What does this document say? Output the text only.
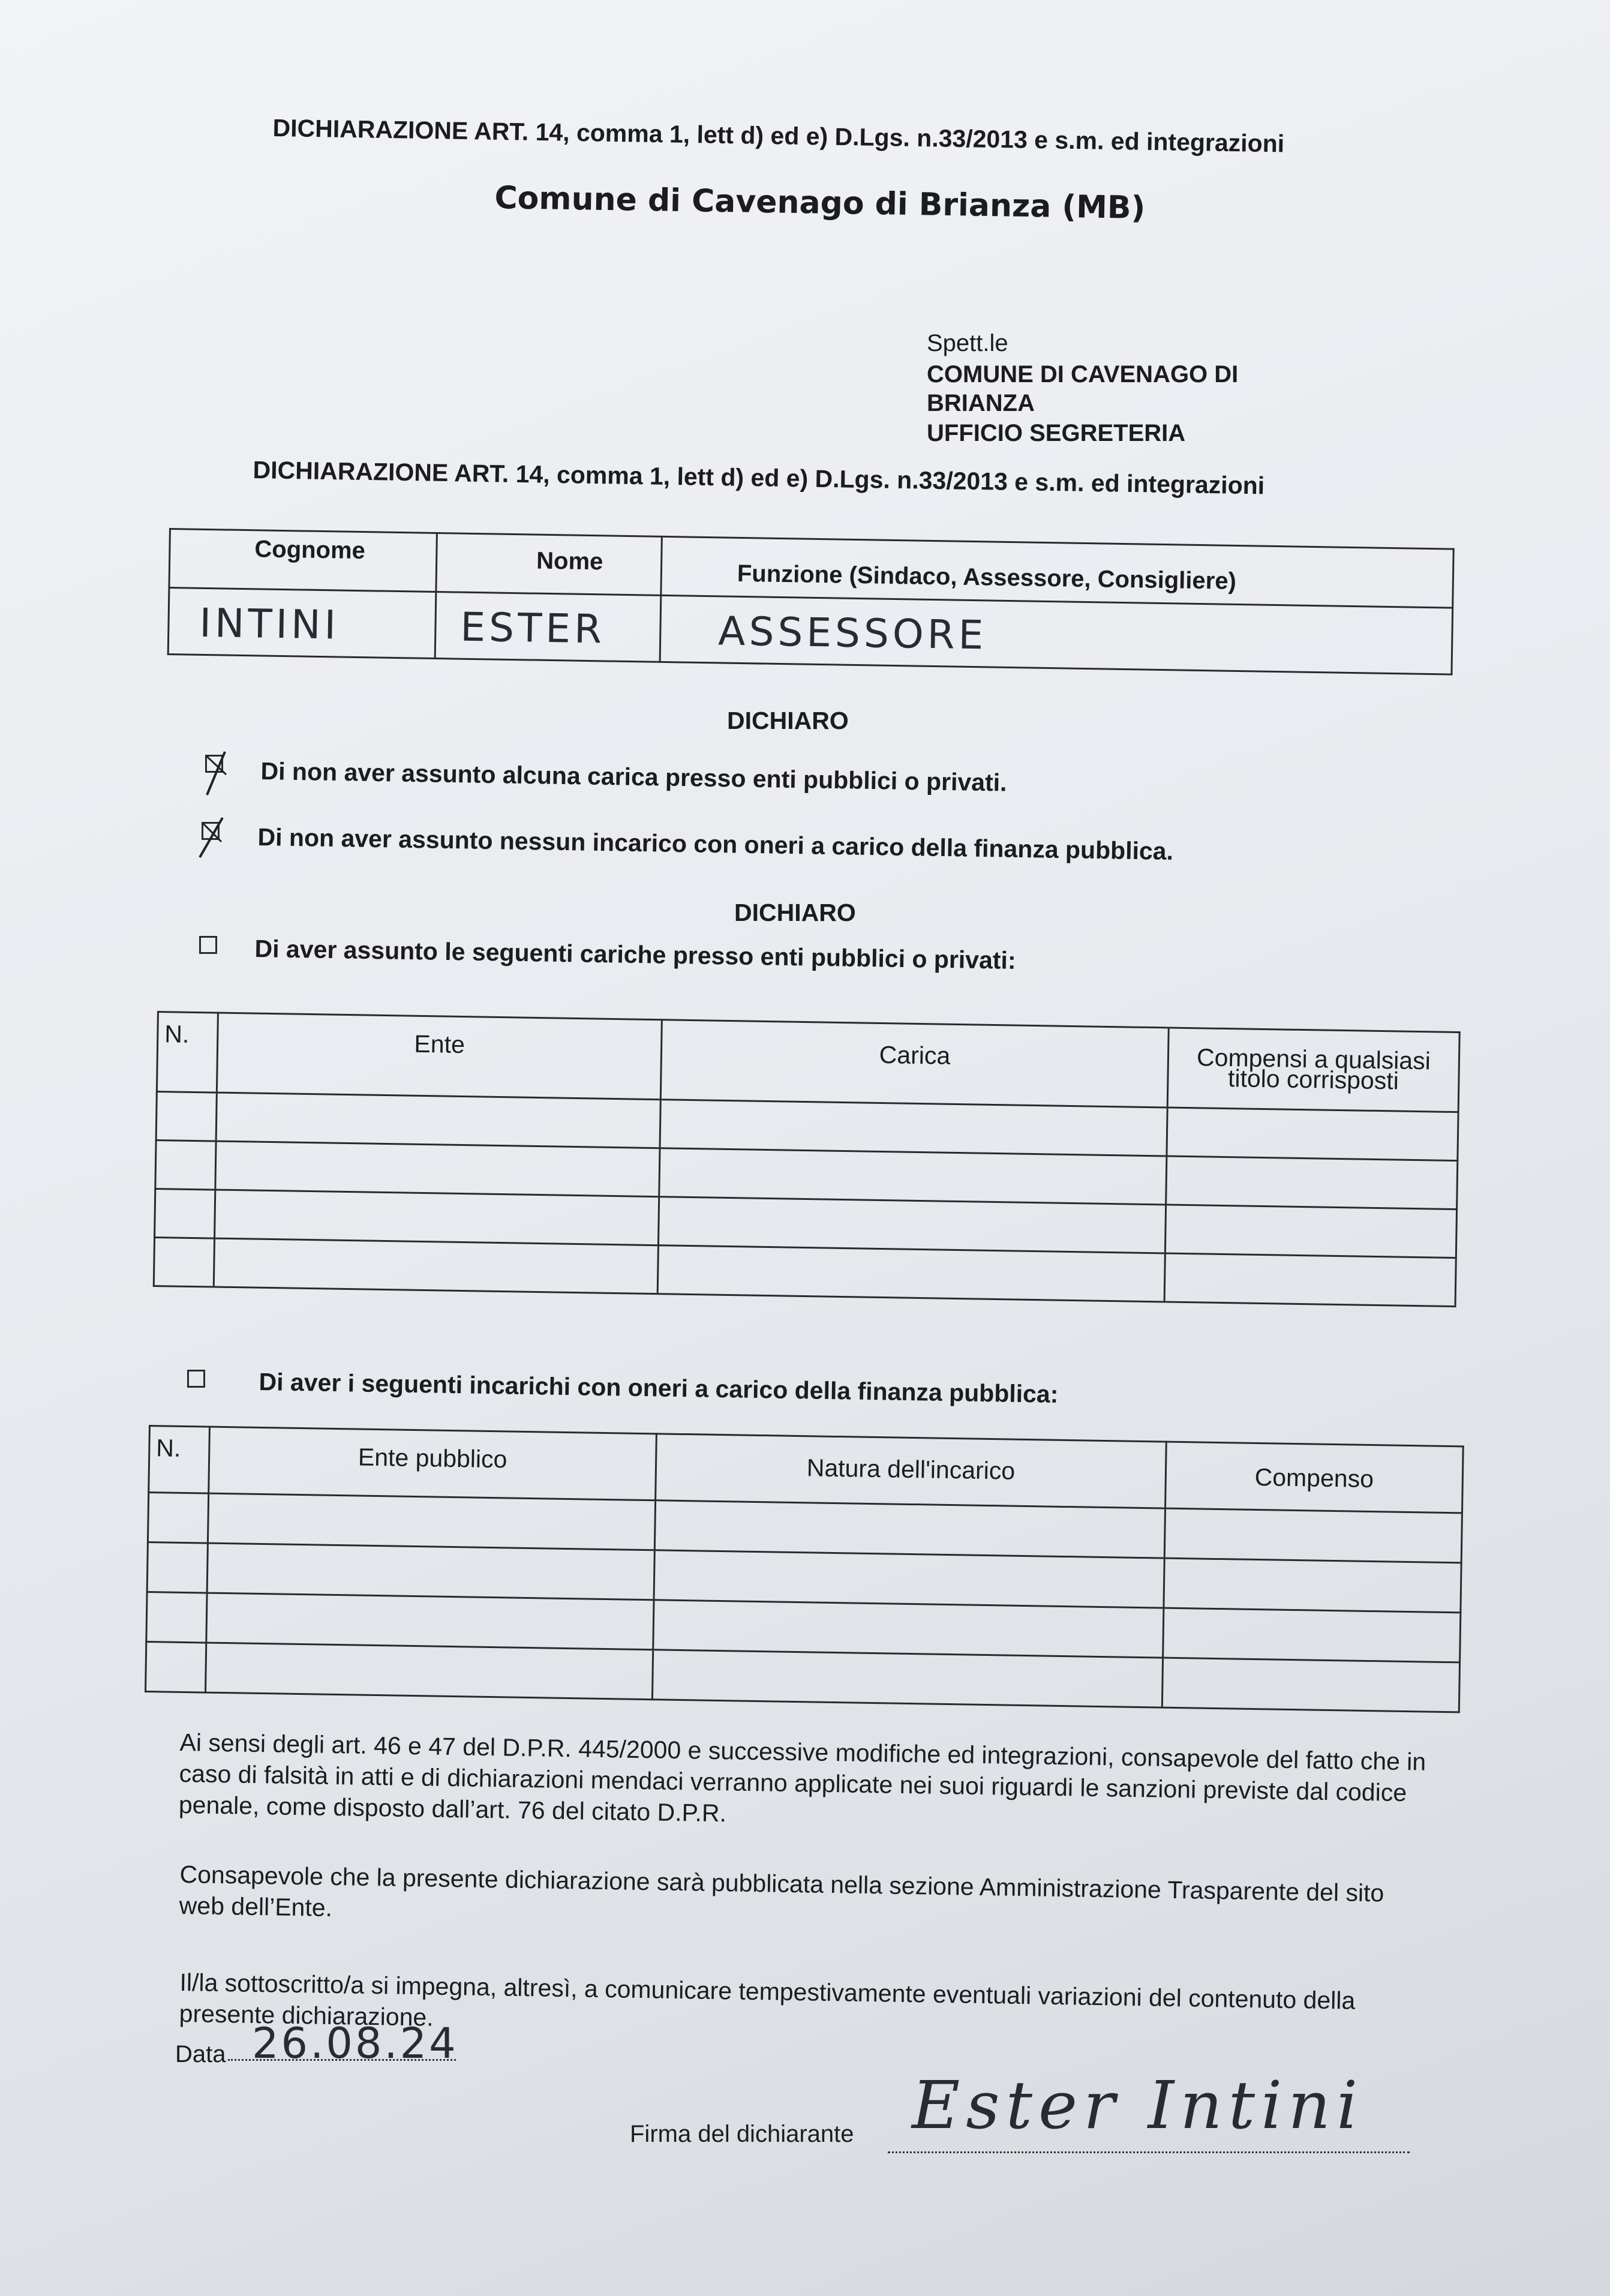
DICHIARAZIONE ART. 14, comma 1, lett d) ed e) D.Lgs. n.33/2013 e s.m. ed integrazioni
Comune di Cavenago di Brianza (MB)
Spett.le
COMUNE DI CAVENAGO DI
BRIANZA
UFFICIO SEGRETERIA
DICHIARAZIONE ART. 14, comma 1, lett d) ed e) D.Lgs. n.33/2013 e s.m. ed integrazioni
Cognome	Nome	Funzione (Sindaco, Assessore, Consigliere)

INTINI	ESTER	ASSESSORE
DICHIARO
Di non aver assunto alcuna carica presso enti pubblici o privati.
Di non aver assunto nessun incarico con oneri a carico della finanza pubblica.
DICHIARO
Di aver assunto le seguenti cariche presso enti pubblici o privati:
N.	Ente	Carica	Compensi a qualsiasi titolo corrisposti

Di aver i seguenti incarichi con oneri a carico della finanza pubblica:
N.	Ente pubblico	Natura dell'incarico	Compenso

Ai sensi degli art. 46 e 47 del D.P.R. 445/2000 e successive modifiche ed integrazioni, consapevole del fatto che in caso di falsità in atti e di dichiarazioni mendaci verranno applicate nei suoi riguardi le sanzioni previste dal codice penale, come disposto dall’art. 76 del citato D.P.R.
Consapevole che la presente dichiarazione sarà pubblicata nella sezione Amministrazione Trasparente del sito web dell’Ente.
Il/la sottoscritto/a si impegna, altresì, a comunicare tempestivamente eventuali variazioni del contenuto della presente dichiarazione.
Data 26.08.24
Firma del dichiarante Ester Intini
